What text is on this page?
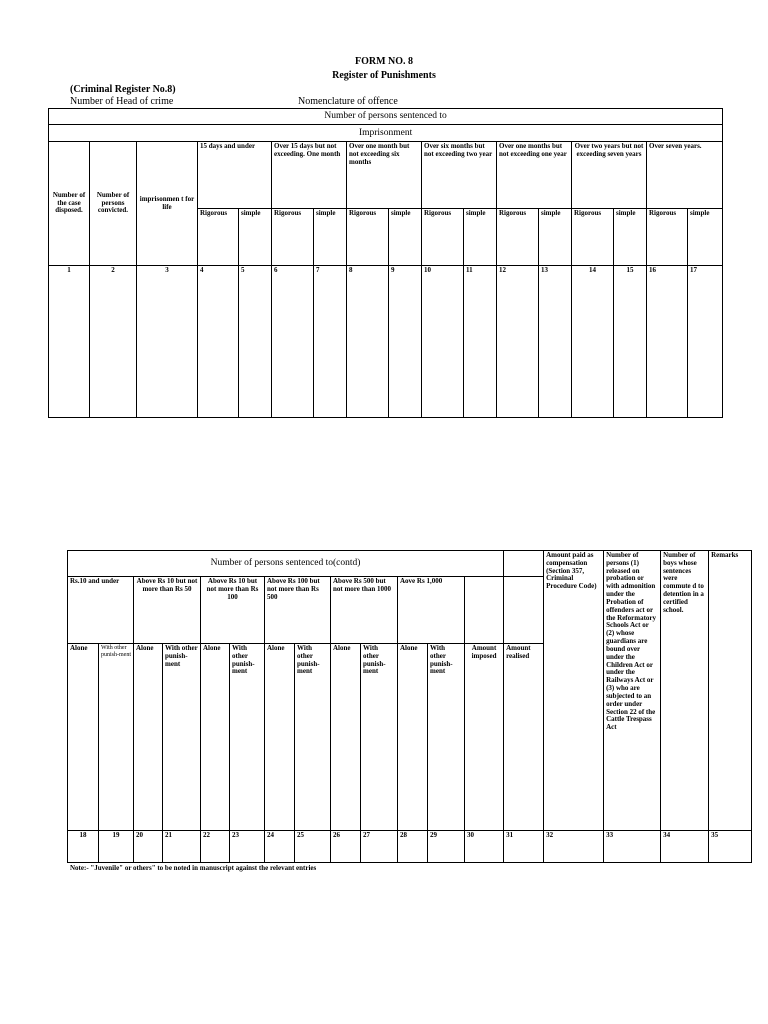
FORM NO. 8
Register of Punishments
(Criminal Register No.8)
Number of Head of crime	Nomenclature of offence
Number of persons sentenced to																
Imprisonment																
Number of the case disposed.	Number of persons convicted.	imprisonmen t for life	15 days and under		Over 15 days but not exceeding. One month		Over one month but not exceeding six months		Over six months but not exceeding two year		Over one months but not exceeding one year		Over two years but not exceeding seven years		Over seven years.	
			Rigorous	simple	Rigorous	simple	Rigorous	simple	Rigorous	simple	Rigorous	simple	Rigorous	simple	Rigorous	simple
1	2	3	4	5	6	7	8	9	10	11	12	13	14	15	16	17
Number of persons sentenced to(contd)														Amount paid as compensation (Section 357, Criminal Procedure Code)	Number of persons (1) released on probation or with admonition under the Probation of offenders act or the Reformatory Schools Act or (2) whose guardians are bound over under the Children Act or under the Railways Act or (3) who are subjected to an order under Section 22 of the Cattle Trespass Act	Number of boys whose sentences were commute d to detention in a certified school.	Remarks
Rs.10 and under		Above Rs 10 but not more than Rs 50		Above Rs 10 but not more than Rs 100		Above Rs 100 but not more than Rs 500		Above Rs 500 but not more than 1000		Aove Rs 1,000							
Alone	With other punish-ment	Alone	With other punish-ment	Alone	With other punish-ment	Alone	With other punish-ment	Alone	With other punish-ment	Alone	With other punish-ment	Amount imposed	Amount realised				
18	19	20	21	22	23	24	25	26	27	28	29	30	31	32	33	34	35
Note:- "Juvenile" or others" to be noted in manuscript against the relevant entries
